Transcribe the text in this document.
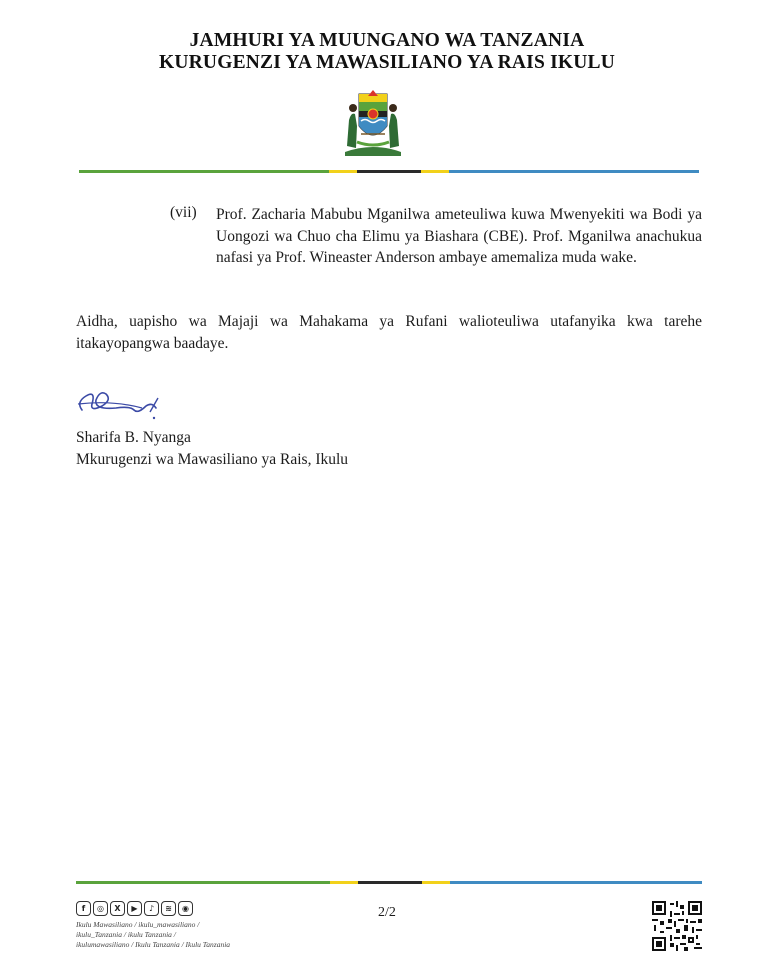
JAMHURI YA MUUNGANO WA TANZANIA
KURUGENZI YA MAWASILIANO YA RAIS IKULU
(vii) Prof. Zacharia Mabubu Mganilwa ameteuliwa kuwa Mwenyekiti wa Bodi ya Uongozi wa Chuo cha Elimu ya Biashara (CBE). Prof. Mganilwa anachukua nafasi ya Prof. Wineaster Anderson ambaye amemaliza muda wake.
Aidha, uapisho wa Majaji wa Mahakama ya Rufani walioteuliwa utafanyika kwa tarehe itakayopangwa baadaye.
Sharifa B. Nyanga
Mkurugenzi wa Mawasiliano ya Rais, Ikulu
f	◎	X	▶	♪	≋	◉
Ikulu Mawasiliano / ikulu_mawasiliano /
ikulu_Tanzania / ikulu Tanzania /
ikulumawasiliano / Ikulu Tanzania / Ikulu Tanzania
2/2
